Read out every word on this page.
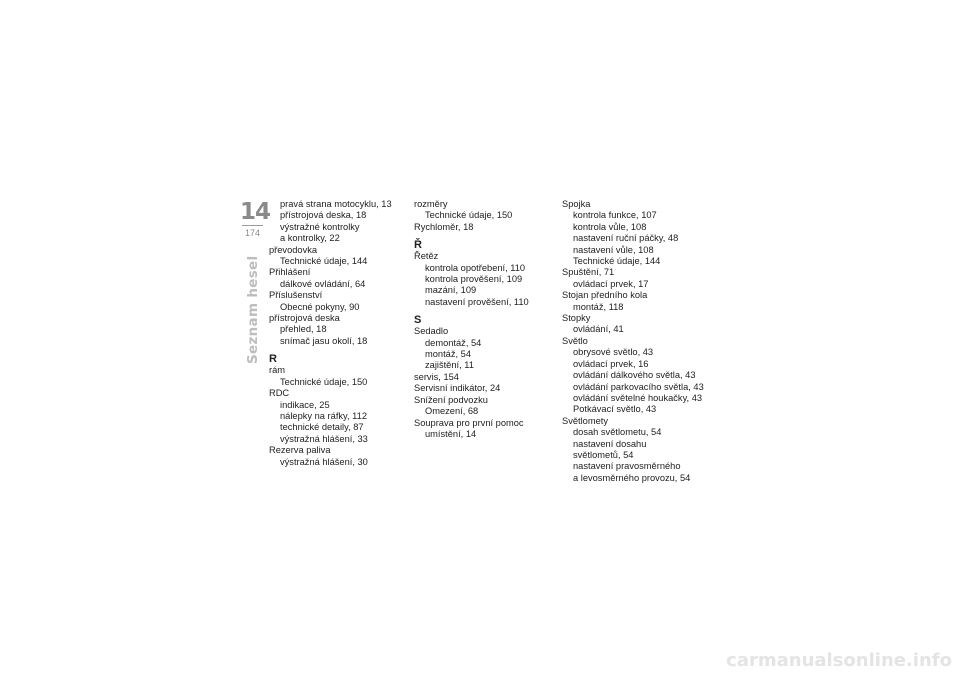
14
174
Seznam hesel
pravá strana motocyklu, 13
přístrojová deska, 18
výstražné kontrolky
a kontrolky, 22
převodovka
Technické údaje, 144
Přihlášení
dálkové ovládání, 64
Příslušenství
Obecné pokyny, 90
přístrojová deska
přehled, 18
snímač jasu okolí, 18
R
rám
Technické údaje, 150
RDC
indikace, 25
nálepky na ráfky, 112
technické detaily, 87
výstražná hlášení, 33
Rezerva paliva
výstražná hlášení, 30
rozměry
Technické údaje, 150
Rychloměr, 18
Ř
Řetěz
kontrola opotřebení, 110
kontrola prověšení, 109
mazání, 109
nastavení prověšení, 110
S
Sedadlo
demontáž, 54
montáž, 54
zajištění, 11
servis, 154
Servisní indikátor, 24
Snížení podvozku
Omezení, 68
Souprava pro první pomoc
umístění, 14
Spojka
kontrola funkce, 107
kontrola vůle, 108
nastavení ruční páčky, 48
nastavení vůle, 108
Technické údaje, 144
Spuštění, 71
ovládací prvek, 17
Stojan předního kola
montáž, 118
Stopky
ovládání, 41
Světlo
obrysové světlo, 43
ovládací prvek, 16
ovládání dálkového světla, 43
ovládání parkovacího světla, 43
ovládání světelné houkačky, 43
Potkávací světlo, 43
Světlomety
dosah světlometu, 54
nastavení dosahu
světlometů, 54
nastavení pravosměrného
a levosměrného provozu, 54
carmanualsonline.info
